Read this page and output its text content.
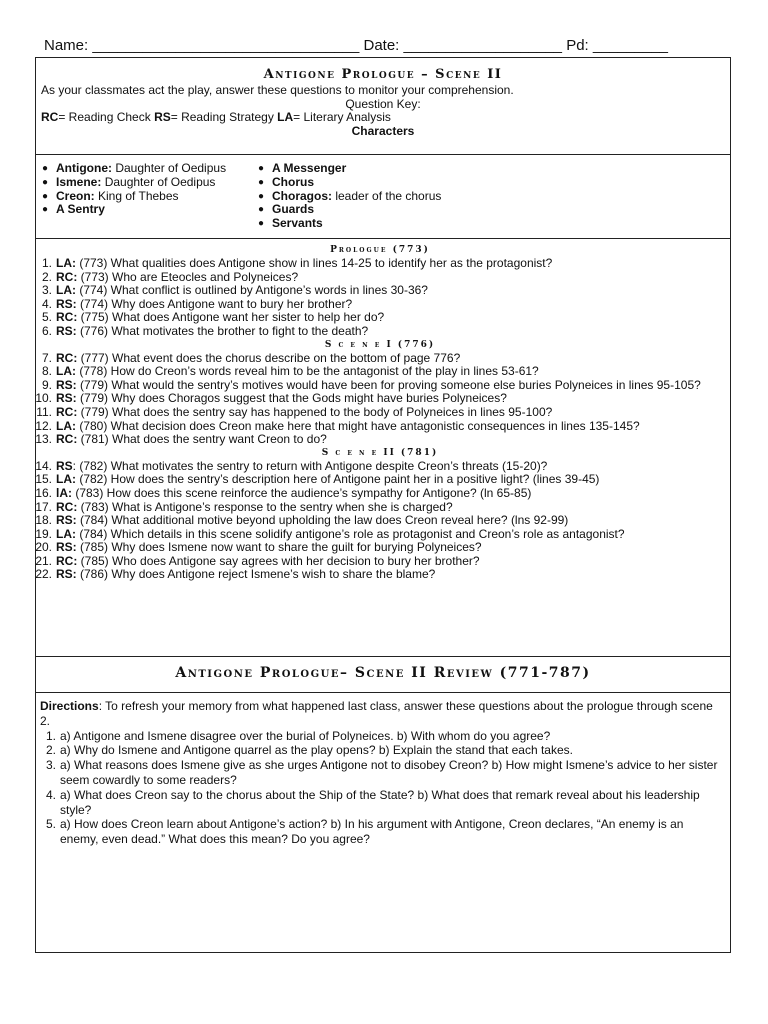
Name: ________________________________ Date: ___________________ Pd: _________
Antigone Prologue – Scene II
As your classmates act the play, answer these questions to monitor your comprehension.
Question Key:
RC= Reading Check RS= Reading Strategy LA= Literary Analysis
Characters
● Antigone: Daughter of Oedipus
● Ismene: Daughter of Oedipus
● Creon: King of Thebes
● A Sentry
● A Messenger
● Chorus
● Choragos: leader of the chorus
● Guards
● Servants
Prologue (773)
1. LA: (773) What qualities does Antigone show in lines 14-25 to identify her as the protagonist?
2. RC: (773) Who are Eteocles and Polyneices?
3. LA: (774) What conflict is outlined by Antigone’s words in lines 30-36?
4. RS: (774) Why does Antigone want to bury her brother?
5. RC: (775) What does Antigone want her sister to help her do?
6. RS: (776) What motivates the brother to fight to the death?
S c e n e I (776)
7. RC: (777) What event does the chorus describe on the bottom of page 776?
8. LA: (778) How do Creon’s words reveal him to be the antagonist of the play in lines 53-61?
9. RS: (779) What would the sentry’s motives would have been for proving someone else buries Polyneices in lines 95-105?
10. RS: (779) Why does Choragos suggest that the Gods might have buries Polyneices?
11. RC: (779) What does the sentry say has happened to the body of Polyneices in lines 95-100?
12. LA: (780) What decision does Creon make here that might have antagonistic consequences in lines 135-145?
13. RC: (781) What does the sentry want Creon to do?
S c e n e II (781)
14. RS: (782) What motivates the sentry to return with Antigone despite Creon’s threats (15-20)?
15. LA: (782) How does the sentry’s description here of Antigone paint her in a positive light? (lines 39-45)
16. lA: (783) How does this scene reinforce the audience’s sympathy for Antigone? (ln 65-85)
17. RC: (783) What is Antigone’s response to the sentry when she is charged?
18. RS: (784) What additional motive beyond upholding the law does Creon reveal here? (lns 92-99)
19. LA: (784) Which details in this scene solidify antigone’s role as protagonist and Creon’s role as antagonist?
20. RS: (785) Why does Ismene now want to share the guilt for burying Polyneices?
21. RC: (785) Who does Antigone say agrees with her decision to bury her brother?
22. RS: (786) Why does Antigone reject Ismene’s wish to share the blame?
Antigone Prologue– Scene II Review (771-787)
Directions: To refresh your memory from what happened last class, answer these questions about the prologue through scene 2.
1. a) Antigone and Ismene disagree over the burial of Polyneices. b) With whom do you agree?
2. a) Why do Ismene and Antigone quarrel as the play opens? b) Explain the stand that each takes.
3. a) What reasons does Ismene give as she urges Antigone not to disobey Creon? b) How might Ismene’s advice to her sister seem cowardly to some readers?
4. a) What does Creon say to the chorus about the Ship of the State? b) What does that remark reveal about his leadership style?
5. a) How does Creon learn about Antigone’s action? b) In his argument with Antigone, Creon declares, “An enemy is an enemy, even dead.” What does this mean? Do you agree?
